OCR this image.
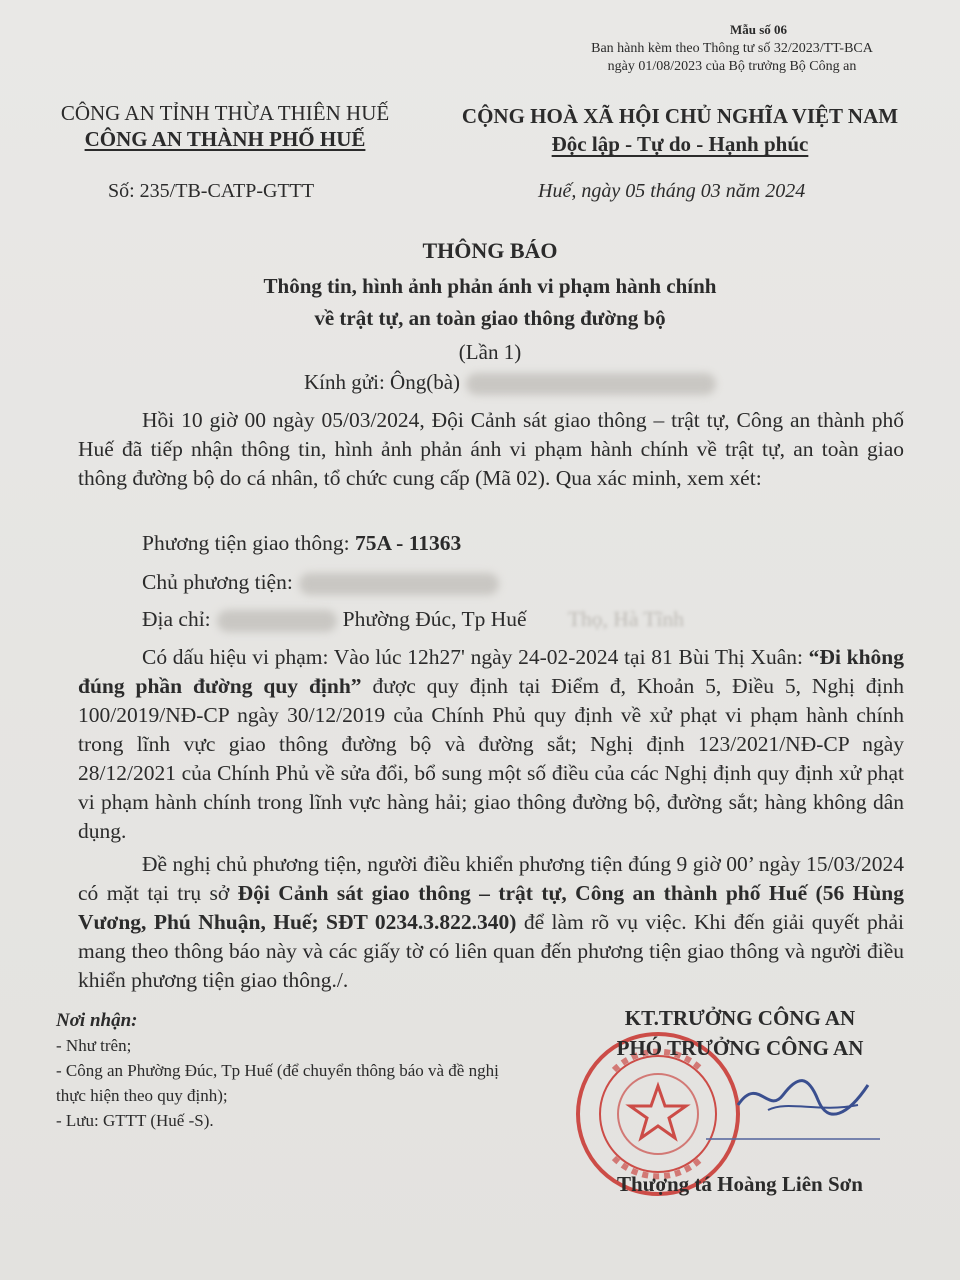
Mẫu số 06
Ban hành kèm theo Thông tư số 32/2023/TT-BCA
ngày 01/08/2023 của Bộ trưởng Bộ Công an
CÔNG AN TỈNH THỪA THIÊN HUẾ
CÔNG AN THÀNH PHỐ HUẾ
CỘNG HOÀ XÃ HỘI CHỦ NGHĨA VIỆT NAM
Độc lập - Tự do - Hạnh phúc
Số: 235/TB-CATP-GTTT	Huế, ngày 05 tháng 03 năm 2024
THÔNG BÁO
Thông tin, hình ảnh phản ánh vi phạm hành chính
về trật tự, an toàn giao thông đường bộ
(Lần 1)
Kính gửi: Ông(bà)
Hồi 10 giờ 00 ngày 05/03/2024, Đội Cảnh sát giao thông – trật tự, Công an thành phố Huế đã tiếp nhận thông tin, hình ảnh phản ánh vi phạm hành chính về trật tự, an toàn giao thông đường bộ do cá nhân, tổ chức cung cấp (Mã 02). Qua xác minh, xem xét:
Phương tiện giao thông: 75A - 11363
Chủ phương tiện:
Địa chỉ:	Phường Đúc, Tp Huế Thọ, Hà Tĩnh
Có dấu hiệu vi phạm: Vào lúc 12h27' ngày 24-02-2024 tại 81 Bùi Thị Xuân: “Đi không đúng phần đường quy định” được quy định tại Điểm đ, Khoản 5, Điều 5, Nghị định 100/2019/NĐ-CP ngày 30/12/2019 của Chính Phủ quy định về xử phạt vi phạm hành chính trong lĩnh vực giao thông đường bộ và đường sắt; Nghị định 123/2021/NĐ-CP ngày 28/12/2021 của Chính Phủ về sửa đổi, bổ sung một số điều của các Nghị định quy định xử phạt vi phạm hành chính trong lĩnh vực hàng hải; giao thông đường bộ, đường sắt; hàng không dân dụng.
Đề nghị chủ phương tiện, người điều khiển phương tiện đúng 9 giờ 00’ ngày 15/03/2024 có mặt tại trụ sở Đội Cảnh sát giao thông – trật tự, Công an thành phố Huế (56 Hùng Vương, Phú Nhuận, Huế; SĐT 0234.3.822.340) để làm rõ vụ việc. Khi đến giải quyết phải mang theo thông báo này và các giấy tờ có liên quan đến phương tiện giao thông và người điều khiển phương tiện giao thông./.
Nơi nhận:
- Như trên;
- Công an Phường Đúc, Tp Huế (để chuyển thông báo và đề nghị thực hiện theo quy định);
- Lưu: GTTT (Huế -S).
KT.TRƯỞNG CÔNG AN
PHÓ TRƯỞNG CÔNG AN
Thượng tá Hoàng Liên Sơn
